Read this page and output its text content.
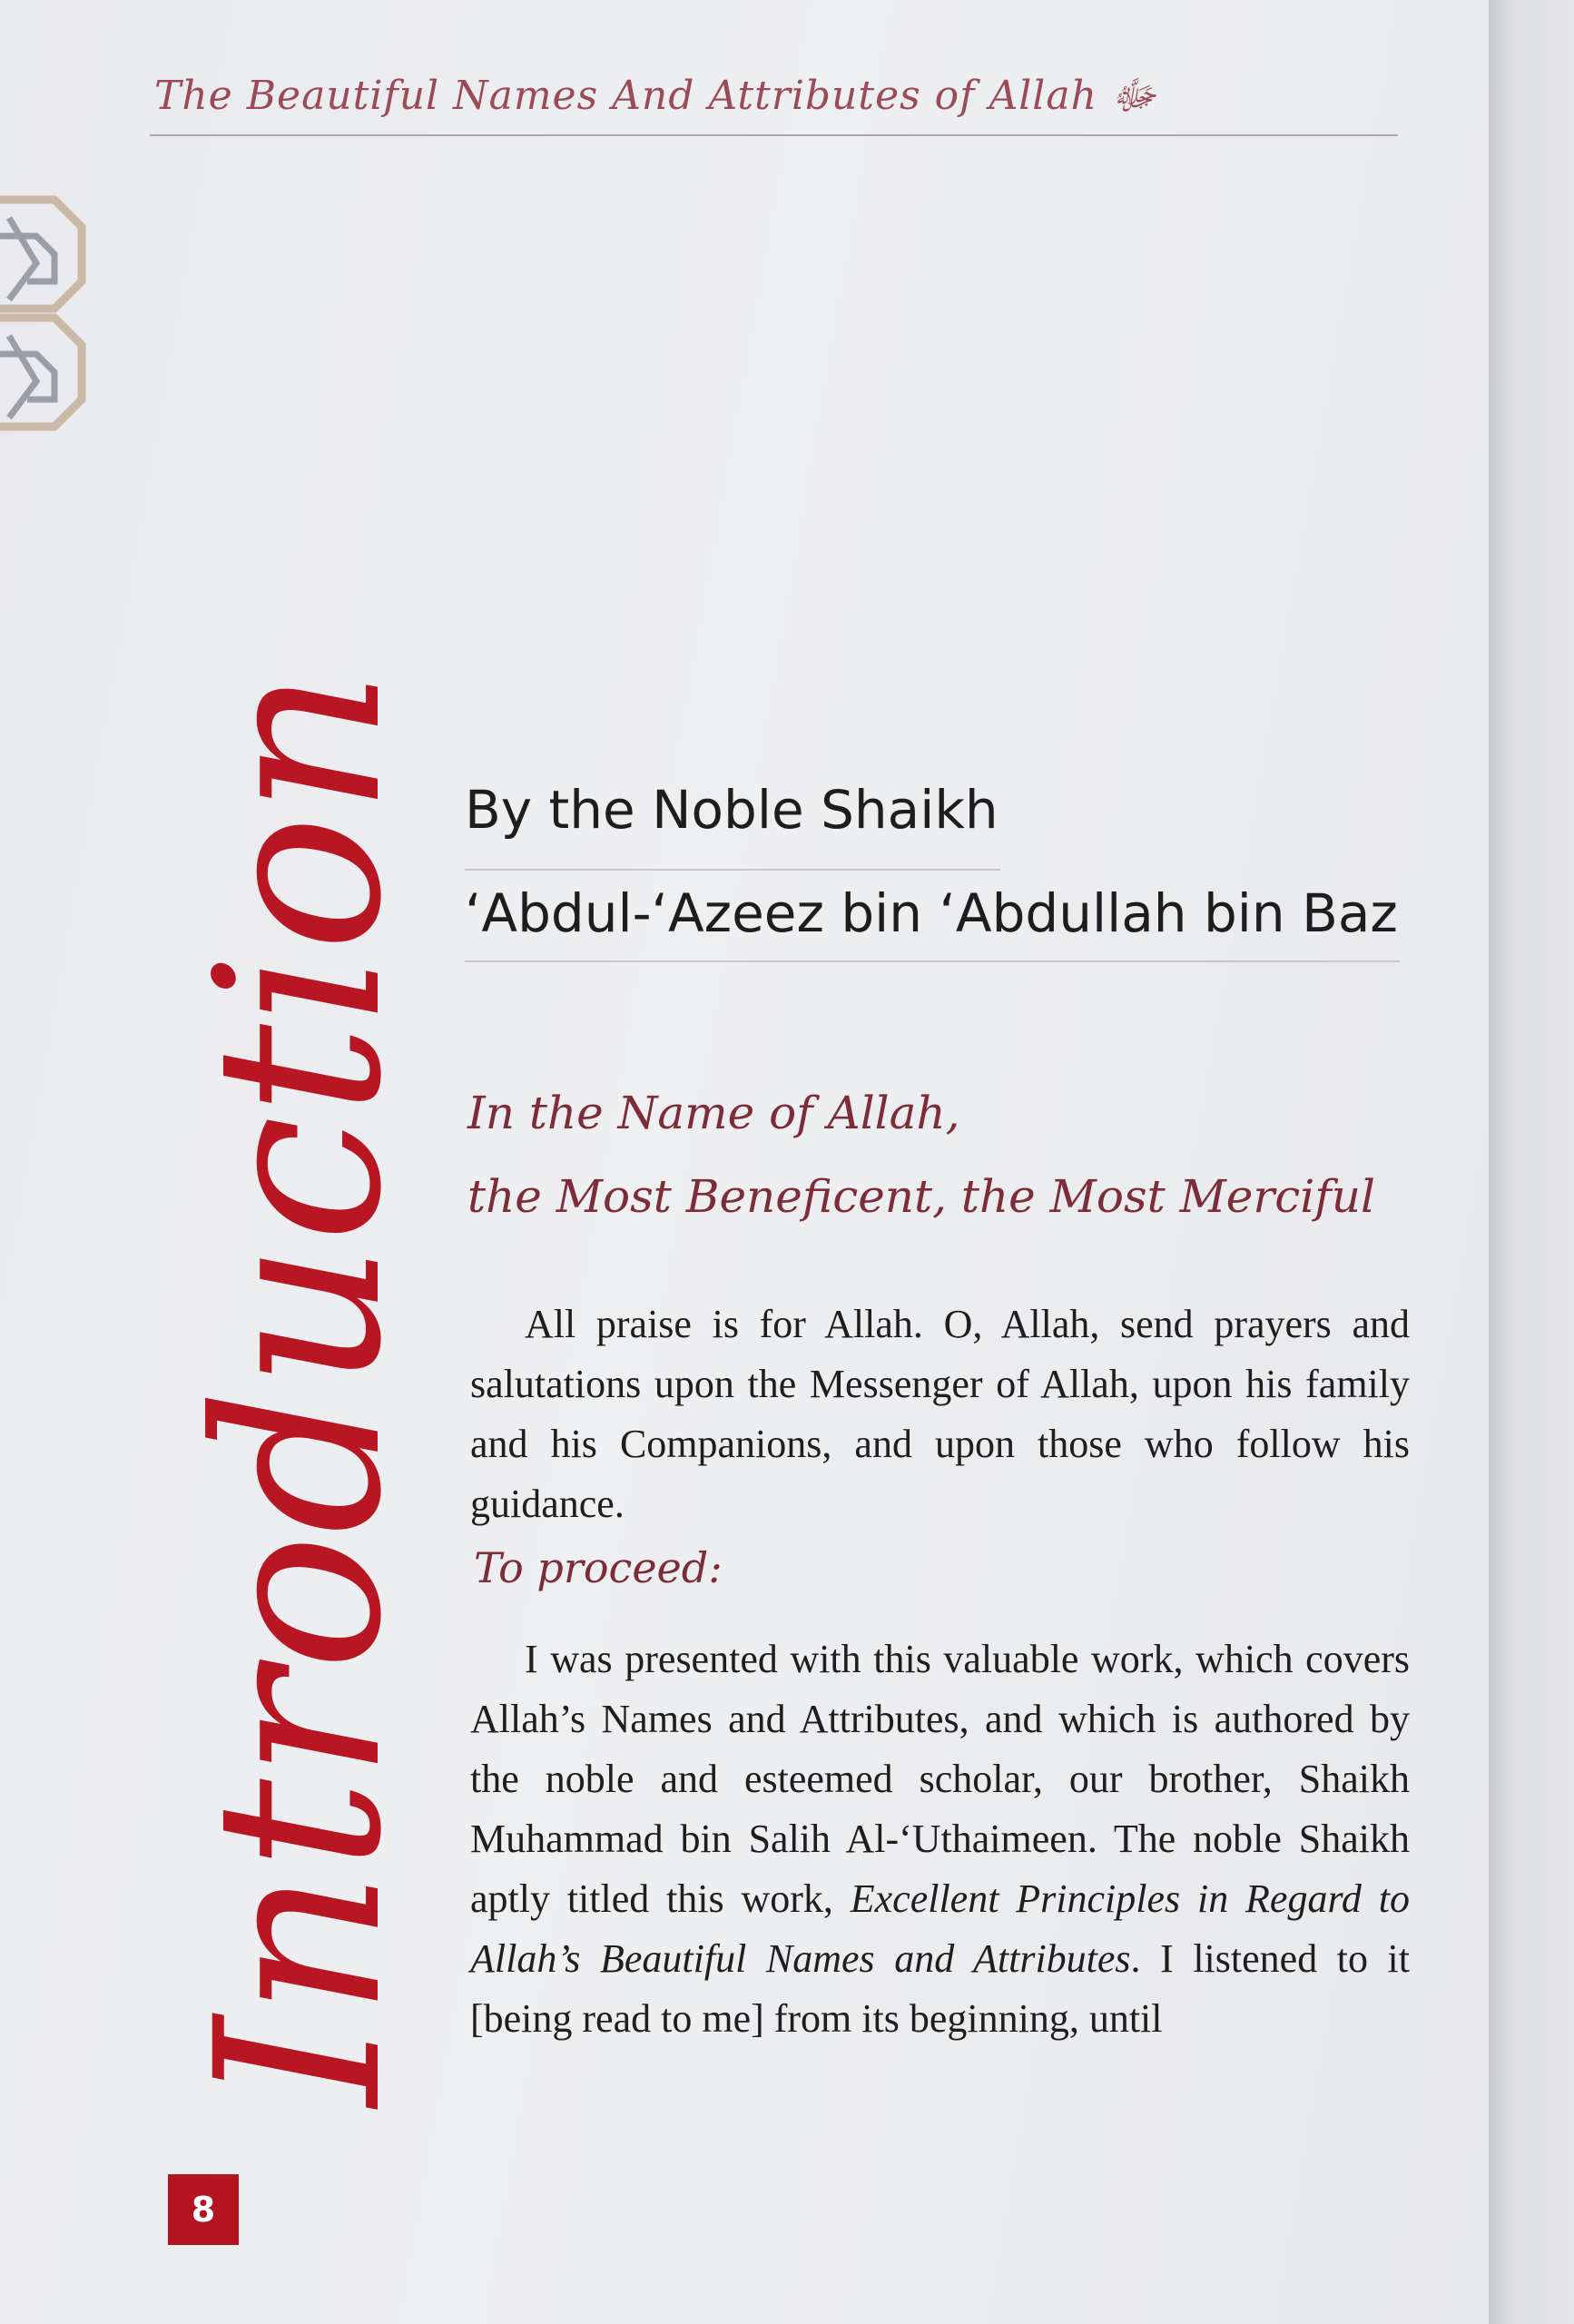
The Beautiful Names And Attributes of Allah ﷻ
Introduction By the Noble Shaikh
‘Abdul-‘Azeez bin ‘Abdullah bin Baz
In the Name of Allah,
the Most Beneficent, the Most Merciful

All praise is for Allah. O, Allah, send prayers and salutations upon the Messenger of Allah, upon his family and his Companions, and upon those who follow his guidance.

To proceed:

I was presented with this valuable work, which covers Allah’s Names and Attributes, and which is authored by the noble and esteemed scholar, our brother, Shaikh Muhammad bin Salih Al-‘Uthaimeen. The noble Shaikh aptly titled this work, Excellent Principles in Regard to Allah’s Beautiful Names and Attributes. I listened to it [being read to me] from its beginning, until

8
